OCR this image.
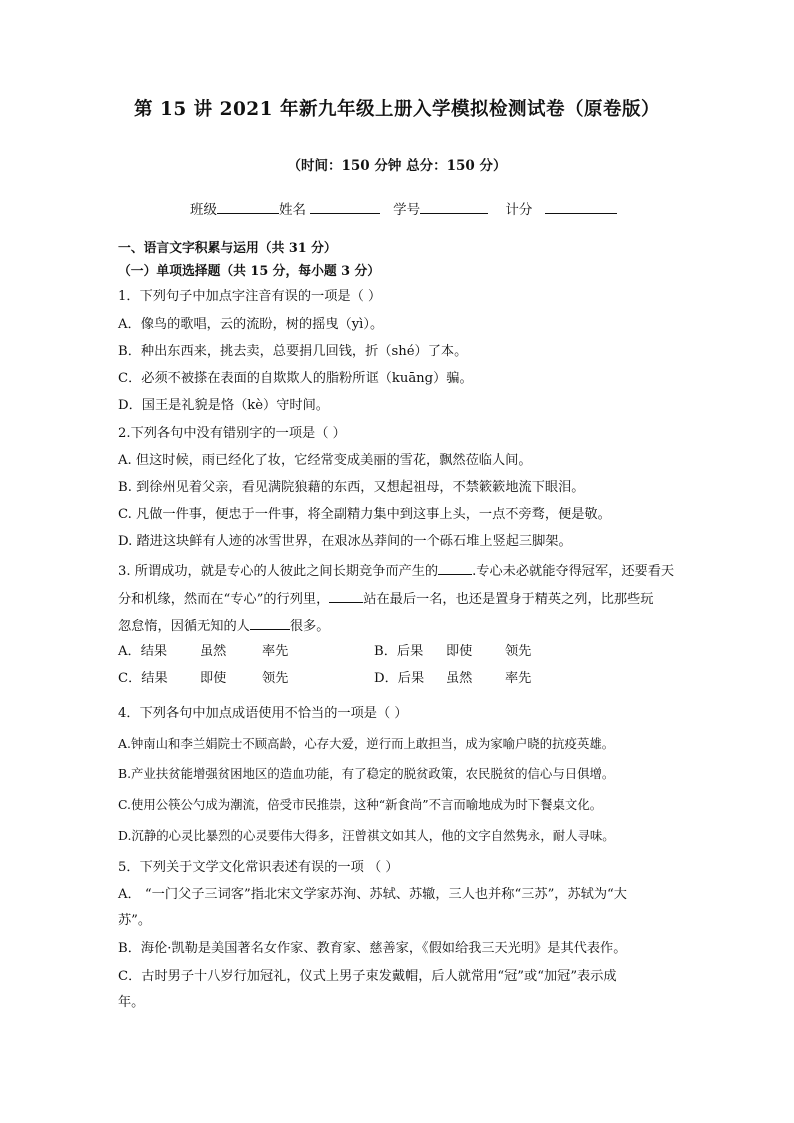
第 15 讲 2021 年新九年级上册入学模拟检测试卷（原卷版）
（时间：150 分钟 总分：150 分）
班级	姓名	学号	计分
一、语言文字积累与运用（共 31 分）
（一）单项选择题（共 15 分，每小题 3 分）
1．下列句子中加点字注音有误的一项是（ ）
A．像鸟的歌唱，云的流盼，树的摇曳（yì）。
B．种出东西来，挑去卖，总要捐几回钱，折（shé）了本。
C．必须不被搽在表面的自欺欺人的脂粉所诓（kuāng）骗。
D．国王是礼貌是恪（kè）守时间。
2.下列各句中没有错别字的一项是（ ）
A. 但这时候，雨已经化了妆，它经常变成美丽的雪花，飘然莅临人间。
B. 到徐州见着父亲，看见满院狼藉的东西，又想起祖母，不禁簌簌地流下眼泪。
C. 凡做一件事，便忠于一件事，将全副精力集中到这事上头，一点不旁骛，便是敬。
D. 踏进这块鲜有人迹的冰雪世界，在艰冰丛莽间的一个砾石堆上竖起三脚架。
3. 所谓成功，就是专心的人彼此之间长期竞争而产生的	.专心未必就能夺得冠军，还要看天
分和机缘，然而在“专心”的行列里，	站在最后一名，也还是置身于精英之列，比那些玩
忽怠惰，因循无知的人	很多。
A．结果 虽然	率先	B．后果 即使 领先
C．结果 即使	领先	D．后果 虽然 率先
4．下列各句中加点成语使用不恰当的一项是（ ）
A.钟南山和李兰娟院士不顾高龄，心存大爱，逆行而上敢担当，成为家喻户晓的抗疫英雄。
B.产业扶贫能增强贫困地区的造血功能，有了稳定的脱贫政策，农民脱贫的信心与日俱增。
C.使用公筷公勺成为潮流，倍受市民推崇，这种“新食尚”不言而喻地成为时下餐桌文化。
D.沉静的心灵比暴烈的心灵要伟大得多，汪曾祺文如其人，他的文字自然隽永，耐人寻味。
5．下列关于文学文化常识表述有误的一项 （ ）
A． “一门父子三词客”指北宋文学家苏洵、苏轼、苏辙，三人也并称“三苏”，苏轼为“大
苏”。
B．海伦·凯勒是美国著名女作家、教育家、慈善家，《假如给我三天光明》是其代表作。
C．古时男子十八岁行加冠礼，仪式上男子束发戴帽，后人就常用“冠”或“加冠”表示成
年。
